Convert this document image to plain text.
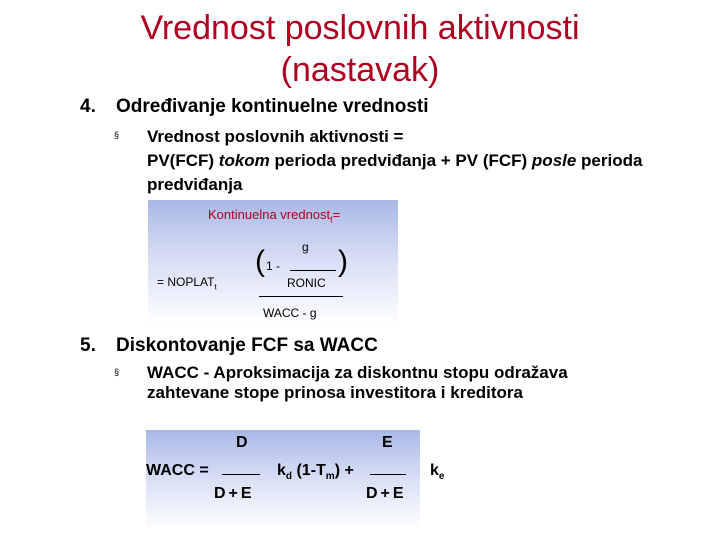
Vrednost poslovnih aktivnosti
(nastavak)
4. Određivanje kontinuelne vrednosti
§ Vrednost poslovnih aktivnosti =
PV(FCF) tokom perioda predviđanja + PV (FCF) posle perioda
predviđanja
Kontinuelna vrednost$_t$=
g
( 1 -
RONIC
)
= $NOPLAT_t$
WACC - g
5. Diskontovanje FCF sa WACC
§ WACC - Aproksimacija za diskontnu stopu odražava
zahtevane stope prinosa investitora i kreditora
D	E
WACC =	$k_d$ $(1-T_m)$ +	$k_e$
D+E	D+E
